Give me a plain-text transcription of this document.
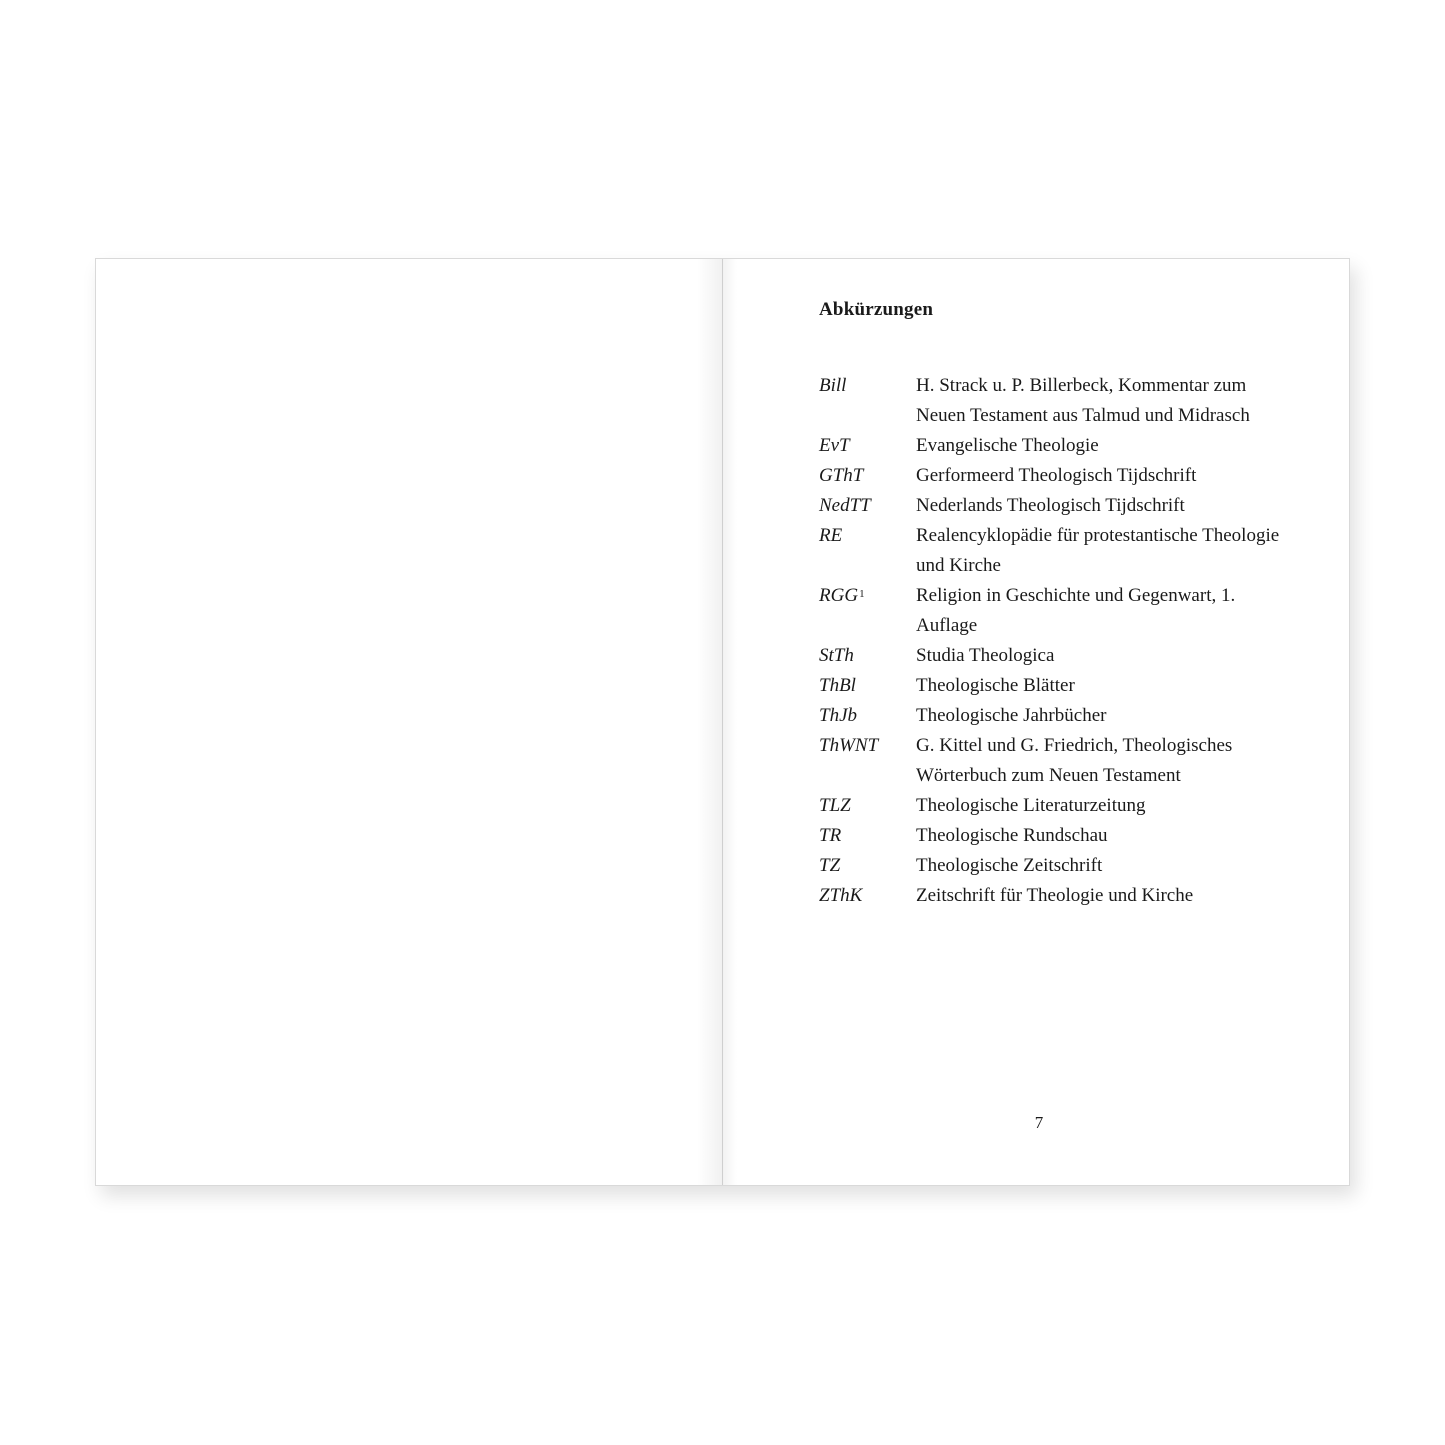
Abkürzungen
Bill	H. Strack u. P. Billerbeck, Kommentar zum Neuen Testament aus Talmud und Midrasch
EvT	Evangelische Theologie
GThT	Gerformeerd Theologisch Tijdschrift
NedTT	Nederlands Theologisch Tijdschrift
RE	Realencyklopädie für protestantische Theologie und Kirche
RGG$^1$	Religion in Geschichte und Gegenwart, 1. Auflage
StTh	Studia Theologica
ThBl	Theologische Blätter
ThJb	Theologische Jahrbücher
ThWNT	G. Kittel und G. Friedrich, Theologisches Wörterbuch zum Neuen Testament
TLZ	Theologische Literaturzeitung
TR	Theologische Rundschau
TZ	Theologische Zeitschrift
ZThK	Zeitschrift für Theologie und Kirche
7
